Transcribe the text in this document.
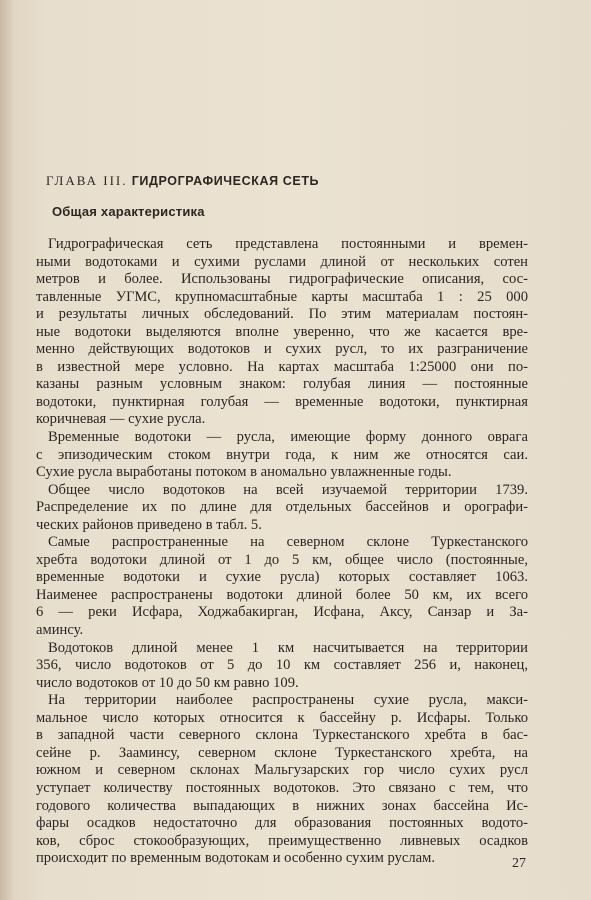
ГЛАВА III. ГИДРОГРАФИЧЕСКАЯ СЕТЬ
Общая характеристика
Гидрографическая сеть представлена постоянными и времен-
ными водотоками и сухими руслами длиной от нескольких сотен
метров и более. Использованы гидрографические описания, сос-
тавленные УГМС, крупномасштабные карты масштаба 1 : 25 000
и результаты личных обследований. По этим материалам постоян-
ные водотоки выделяются вполне уверенно, что же касается вре-
менно действующих водотоков и сухих русл, то их разграничение
в известной мере условно. На картах масштаба 1:25000 они по-
казаны разным условным знаком: голубая линия — постоянные
водотоки, пунктирная голубая — временные водотоки, пунктирная
коричневая — сухие русла.
Временные водотоки — русла, имеющие форму донного оврага
с эпизодическим стоком внутри года, к ним же относятся саи.
Сухие русла выработаны потоком в аномально увлажненные годы.
Общее число водотоков на всей изучаемой территории 1739.
Распределение их по длине для отдельных бассейнов и орографи-
ческих районов приведено в табл. 5.
Самые распространенные на северном склоне Туркестанского
хребта водотоки длиной от 1 до 5 км, общее число (постоянные,
временные водотоки и сухие русла) которых составляет 1063.
Наименее распространены водотоки длиной более 50 км, их всего
6 — реки Исфара, Ходжабакирган, Исфана, Аксу, Санзар и За-
аминсу.
Водотоков длиной менее 1 км насчитывается на территории
356, число водотоков от 5 до 10 км составляет 256 и, наконец,
число водотоков от 10 до 50 км равно 109.
На территории наиболее распространены сухие русла, макси-
мальное число которых относится к бассейну р. Исфары. Только
в западной части северного склона Туркестанского хребта в бас-
сейне р. Зааминсу, северном склоне Туркестанского хребта, на
южном и северном склонах Мальгузарских гор число сухих русл
уступает количеству постоянных водотоков. Это связано с тем, что
годового количества выпадающих в нижних зонах бассейна Ис-
фары осадков недостаточно для образования постоянных водото-
ков, сброс стокообразующих, преимущественно ливневых осадков
происходит по временным водотокам и особенно сухим руслам.	27
